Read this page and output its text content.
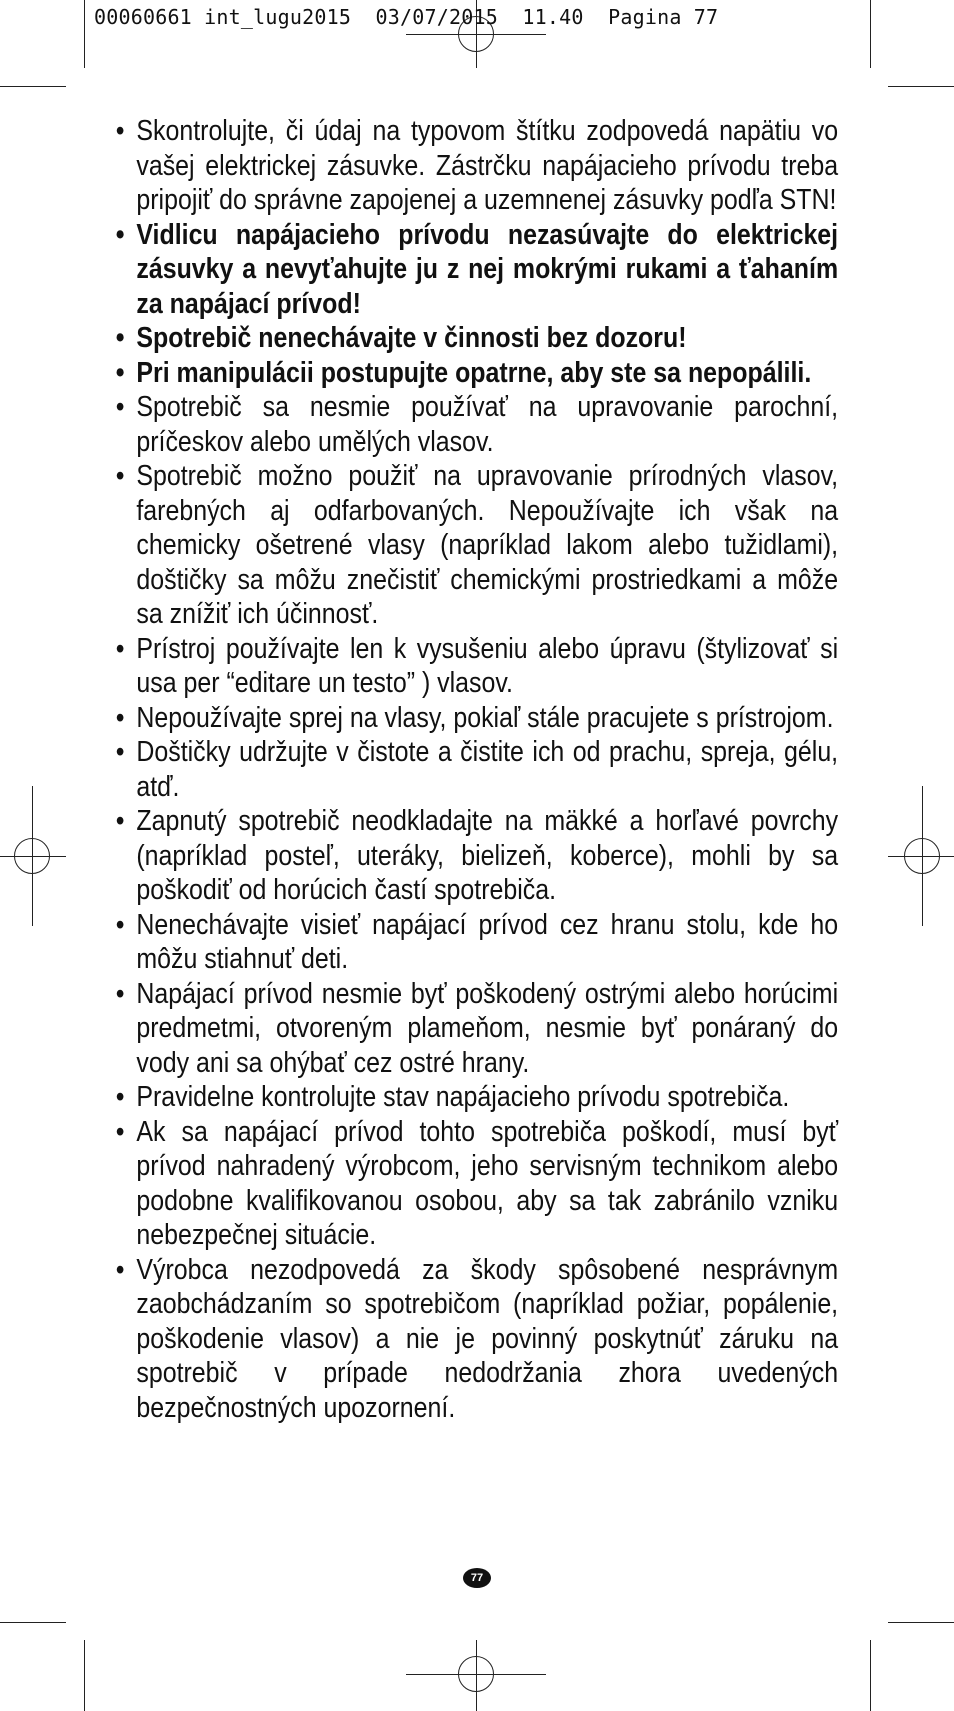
00060661 int_lugu2015  03/07/2015  11.40  Pagina 77
• Skontrolujte, či údaj na typovom štítku zodpovedá napätiu vo vašej elektrickej zásuvke. Zástrčku napájacieho prívodu treba pripojiť do správne zapojenej a uzemnenej zásuvky podľa STN!
• Vidlicu napájacieho prívodu nezasúvajte do elektrickej zásuvky a nevyťahujte ju z nej mokrými rukami a ťahaním za napájací prívod!
• Spotrebič nenechávajte v činnosti bez dozoru!
• Pri manipulácii postupujte opatrne, aby ste sa nepopálili.
• Spotrebič sa nesmie používať na upravovanie parochní, príčeskov alebo umělých vlasov.
• Spotrebič možno použiť na upravovanie prírodných vlasov, farebných aj odfarbovaných. Nepoužívajte ich však na chemicky ošetrené vlasy (napríklad lakom alebo tužidlami), doštičky sa môžu znečistiť chemickými prostriedkami a môže sa znížiť ich účinnosť.
• Prístroj používajte len k vysušeniu alebo úpravu (štylizovať si usa per “editare un testo” ) vlasov.
• Nepoužívajte sprej na vlasy, pokiaľ stále pracujete s prístrojom.
• Doštičky udržujte v čistote a čistite ich od prachu, spreja, gélu, atď.
• Zapnutý spotrebič neodkladajte na mäkké a horľavé povrchy (napríklad posteľ, uteráky, bielizeň, koberce), mohli by sa poškodiť od horúcich častí spotrebiča.
• Nenechávajte visieť napájací prívod cez hranu stolu, kde ho môžu stiahnuť deti.
• Napájací prívod nesmie byť poškodený ostrými alebo horúcimi predmetmi, otvoreným plameňom, nesmie byť ponáraný do vody ani sa ohýbať cez ostré hrany.
• Pravidelne kontrolujte stav napájacieho prívodu spotrebiča.
• Ak sa napájací prívod tohto spotrebiča poškodí, musí byť prívod nahradený výrobcom, jeho servisným technikom alebo podobne kvalifikovanou osobou, aby sa tak zabránilo vzniku nebezpečnej situácie.
• Výrobca nezodpovedá za škody spôsobené nesprávnym zaobchádzaním so spotrebičom (napríklad požiar, popálenie, poškodenie vlasov) a nie je povinný poskytnúť záruku na spotrebič v prípade nedodržania zhora uvedených bezpečnostných upozornení.
77
